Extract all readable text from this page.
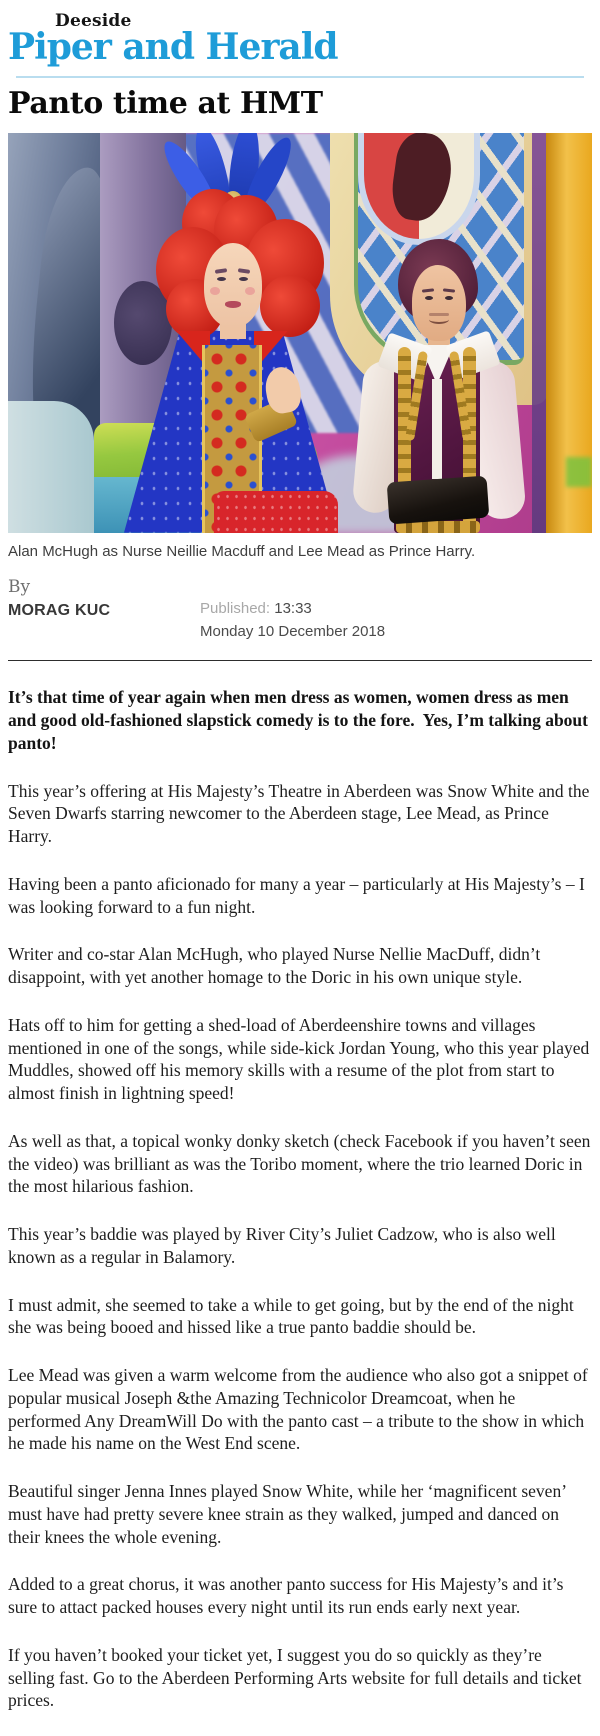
Deeside
Piper and Herald
Panto time at HMT
Alan McHugh as Nurse Neillie Macduff and Lee Mead as Prince Harry.
By
MORAG KUC	Published: 13:33
Monday 10 December 2018

It’s that time of year again when men dress as women, women dress as men and good old-fashioned slapstick comedy is to the fore.  Yes, I’m talking about panto!

This year’s offering at His Majesty’s Theatre in Aberdeen was Snow White and the Seven Dwarfs starring newcomer to the Aberdeen stage, Lee Mead, as Prince Harry.

Having been a panto aficionado for many a year – particularly at His Majesty’s – I was looking forward to a fun night.

Writer and co-star Alan McHugh, who played Nurse Nellie MacDuff, didn’t disappoint, with yet another homage to the Doric in his own unique style.

Hats off to him for getting a shed-load of Aberdeenshire towns and villages mentioned in one of the songs, while side-kick Jordan Young, who this year played Muddles, showed off his memory skills with a resume of the plot from start to almost finish in lightning speed!

As well as that, a topical wonky donky sketch (check Facebook if you haven’t seen the video) was brilliant as was the Toribo moment, where the trio learned Doric in the most hilarious fashion.

This year’s baddie was played by River City’s Juliet Cadzow, who is also well known as a regular in Balamory.

I must admit, she seemed to take a while to get going, but by the end of the night she was being booed and hissed like a true panto baddie should be.

Lee Mead was given a warm welcome from the audience who also got a snippet of popular musical Joseph &the Amazing Technicolor Dreamcoat, when he performed Any DreamWill Do with the panto cast – a tribute to the show in which he made his name on the West End scene.

Beautiful singer Jenna Innes played Snow White, while her ‘magnificent seven’ must have had pretty severe knee strain as they walked, jumped and danced on their knees the whole evening.

Added to a great chorus, it was another panto success for His Majesty’s and it’s sure to attact packed houses every night until its run ends early next year.

If you haven’t booked your ticket yet, I suggest you do so quickly as they’re selling fast. Go to the Aberdeen Performing Arts website for full details and ticket prices.
